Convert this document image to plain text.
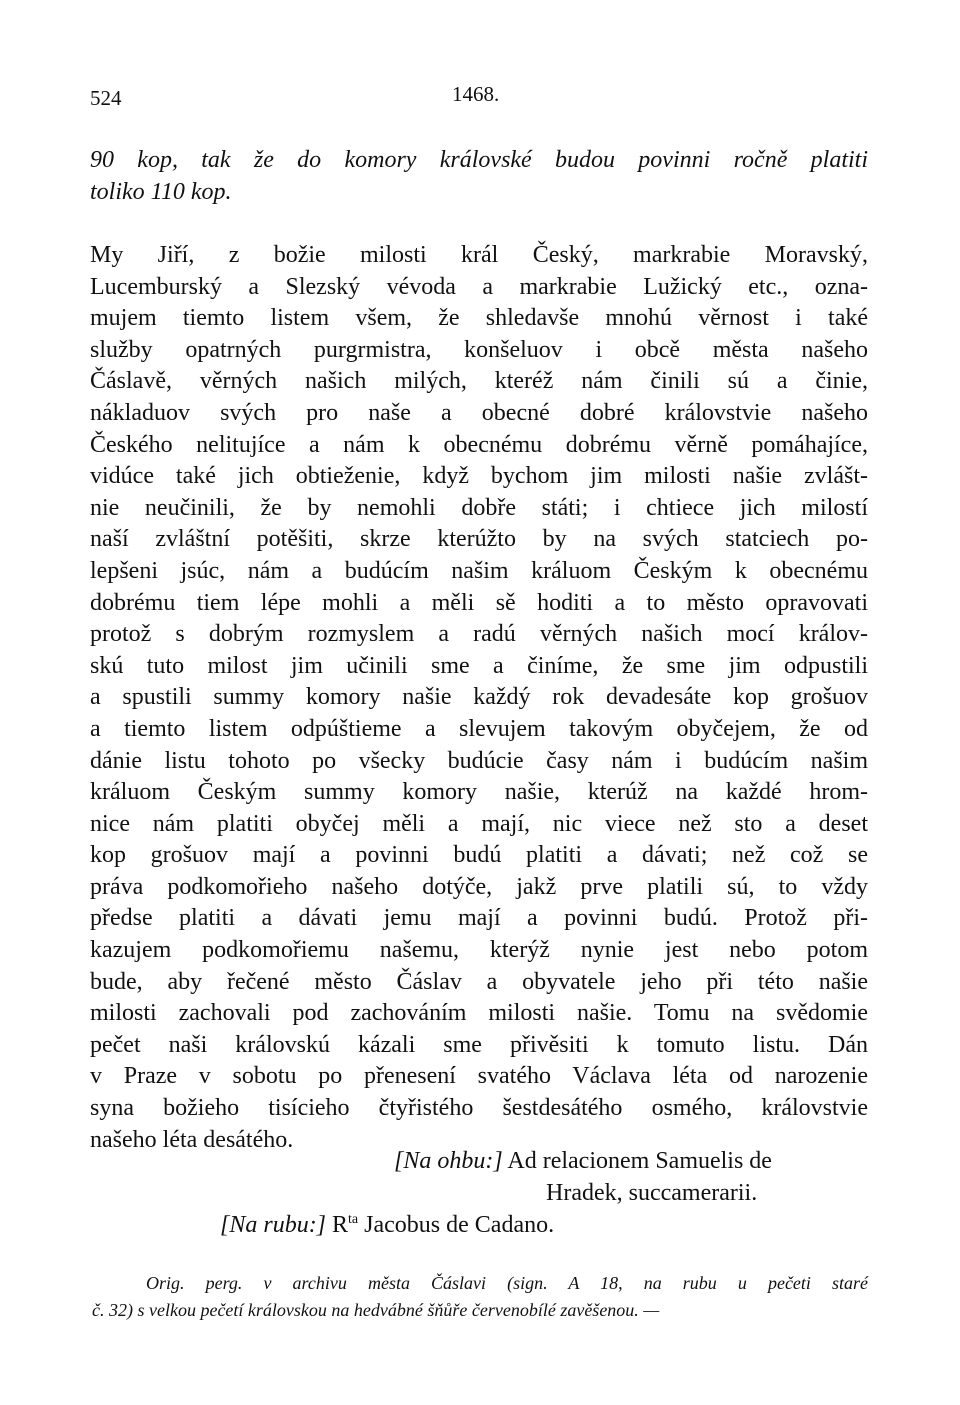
524	1468.
90 kop, tak že do komory královské budou povinni ročně platiti
toliko 110 kop.
My Jiří, z božie milosti král Český, markrabie Moravský,
Lucemburský a Slezský vévoda a markrabie Lužický etc., ozna-
mujem tiemto listem všem, že shledavše mnohú věrnost i také
služby opatrných purgrmistra, konšeluov i obcě města našeho
Čáslavě, věrných našich milých, kteréž nám činili sú a činie,
nákladuov svých pro naše a obecné dobré královstvie našeho
Českého nelitujíce a nám k obecnému dobrému věrně pomáhajíce,
vidúce také jich obtieženie, když bychom jim milosti našie zvlášt-
nie neučinili, že by nemohli dobře státi; i chtiece jich milostí
naší zvláštní potěšiti, skrze kterúžto by na svých statciech po-
lepšeni jsúc, nám a budúcím našim králuom Českým k obecnému
dobrému tiem lépe mohli a měli sě hoditi a to město opravovati
protož s dobrým rozmyslem a radú věrných našich mocí králov-
skú tuto milost jim učinili sme a činíme, že sme jim odpustili
a spustili summy komory našie každý rok devadesáte kop grošuov
a tiemto listem odpúštieme a slevujem takovým obyčejem, že od
dánie listu tohoto po všecky budúcie časy nám i budúcím našim
králuom Českým summy komory našie, kterúž na každé hrom-
nice nám platiti obyčej měli a mají, nic viece než sto a deset
kop grošuov mají a povinni budú platiti a dávati; než což se
práva podkomořieho našeho dotýče, jakž prve platili sú, to vždy
předse platiti a dávati jemu mají a povinni budú. Protož při-
kazujem podkomořiemu našemu, kterýž nynie jest nebo potom
bude, aby řečené město Čáslav a obyvatele jeho při této našie
milosti zachovali pod zachováním milosti našie. Tomu na svědomie
pečet naši královskú kázali sme přivěsiti k tomuto listu. Dán
v Praze v sobotu po přenesení svatého Václava léta od narozenie
syna božieho tisícieho čtyřistého šestdesátého osmého, královstvie
našeho léta desátého.
[Na ohbu:] Ad relacionem Samuelis de
Hradek, succamerarii.
[Na rubu:] $R^{ta}$ Jacobus de Cadano.
Orig. perg. v archivu města Čáslavi (sign. A 18, na rubu u pečeti staré
č. 32) s velkou pečetí královskou na hedvábné šňůře červenobílé zavěšenou. —
